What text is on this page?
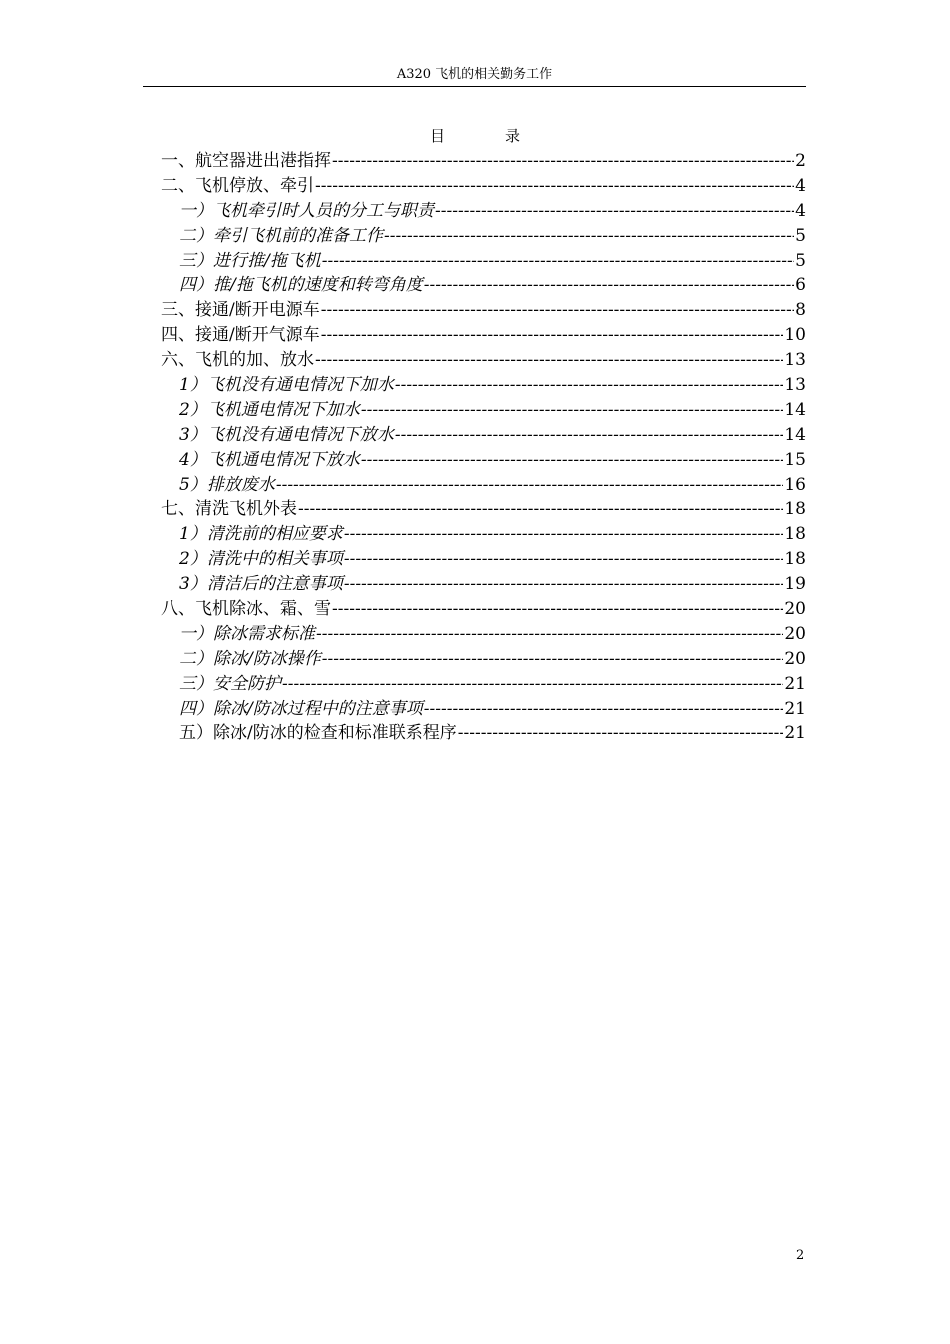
A320 飞机的相关勤务工作
目	录
一、航空器进出港指挥 -----	2
二、飞机停放、牵引 -----	4
一）飞机牵引时人员的分工与职责 -----	4
二）牵引飞机前的准备工作 -----	5
三）进行推/拖飞机 -----	5
四）推/拖飞机的速度和转弯角度 -----	6
三、接通/断开电源车 -----	8
四、接通/断开气源车 -----	10
六、飞机的加、放水 -----	13
1）飞机没有通电情况下加水 -----	13
2）飞机通电情况下加水 -----	14
3）飞机没有通电情况下放水 -----	14
4）飞机通电情况下放水 -----	15
5）排放废水 -----	16
七、清洗飞机外表 -----	18
1）清洗前的相应要求 -----	18
2）清洗中的相关事项 -----	18
3）清洁后的注意事项 -----	19
八、飞机除冰、霜、雪 -----	20
一）除冰需求标准 -----	20
二）除冰/防冰操作 -----	20
三）安全防护 -----	21
四）除冰/防冰过程中的注意事项 -----	21
五）除冰/防冰的检查和标准联系程序 -----	21
2
